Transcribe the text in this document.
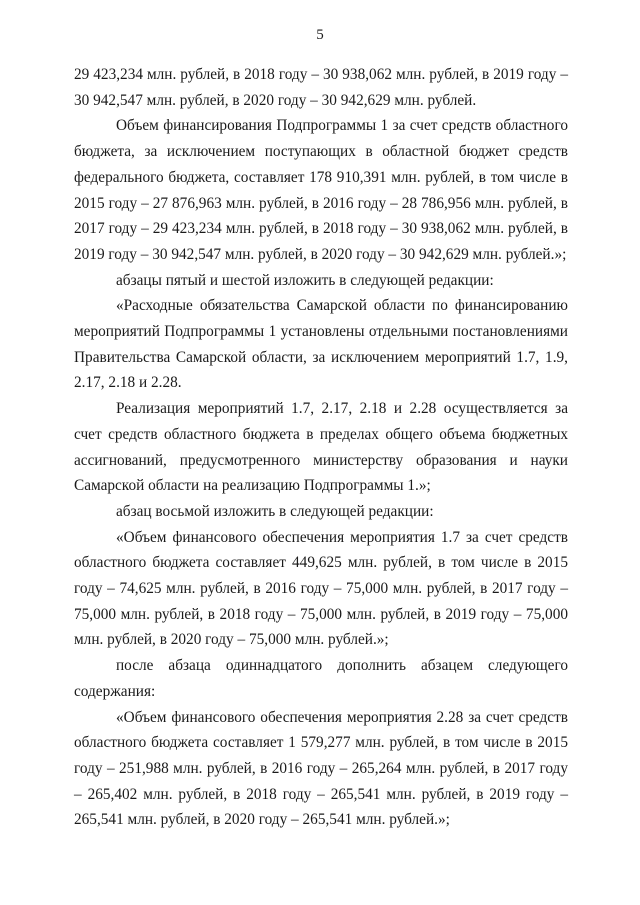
5

29 423,234 млн. рублей, в 2018 году – 30 938,062 млн. рублей, в 2019 году – 30 942,547 млн. рублей, в 2020 году – 30 942,629 млн. рублей.

Объем финансирования Подпрограммы 1 за счет средств областного бюджета, за исключением поступающих в областной бюджет средств федерального бюджета, составляет 178 910,391 млн. рублей, в том числе в 2015 году – 27 876,963 млн. рублей, в 2016 году – 28 786,956 млн. рублей, в 2017 году – 29 423,234 млн. рублей, в 2018 году – 30 938,062 млн. рублей, в 2019 году – 30 942,547 млн. рублей, в 2020 году – 30 942,629 млн. рублей.»;

абзацы пятый и шестой изложить в следующей редакции:

«Расходные обязательства Самарской области по финансированию мероприятий Подпрограммы 1 установлены отдельными постановлениями Правительства Самарской области, за исключением мероприятий 1.7, 1.9, 2.17, 2.18 и 2.28.

Реализация мероприятий 1.7, 2.17, 2.18 и 2.28 осуществляется за счет средств областного бюджета в пределах общего объема бюджетных ассигнований, предусмотренного министерству образования и науки Самарской области на реализацию Подпрограммы 1.»;

абзац восьмой изложить в следующей редакции:

«Объем финансового обеспечения мероприятия 1.7 за счет средств областного бюджета составляет 449,625 млн. рублей, в том числе в 2015 году – 74,625 млн. рублей, в 2016 году – 75,000 млн. рублей, в 2017 году – 75,000 млн. рублей, в 2018 году – 75,000 млн. рублей, в 2019 году – 75,000 млн. рублей, в 2020 году – 75,000 млн. рублей.»;

после абзаца одиннадцатого дополнить абзацем следующего содержания:

«Объем финансового обеспечения мероприятия 2.28 за счет средств областного бюджета составляет 1 579,277 млн. рублей, в том числе в 2015 году – 251,988 млн. рублей, в 2016 году – 265,264 млн. рублей, в 2017 году – 265,402 млн. рублей, в 2018 году – 265,541 млн. рублей, в 2019 году – 265,541 млн. рублей, в 2020 году – 265,541 млн. рублей.»;
